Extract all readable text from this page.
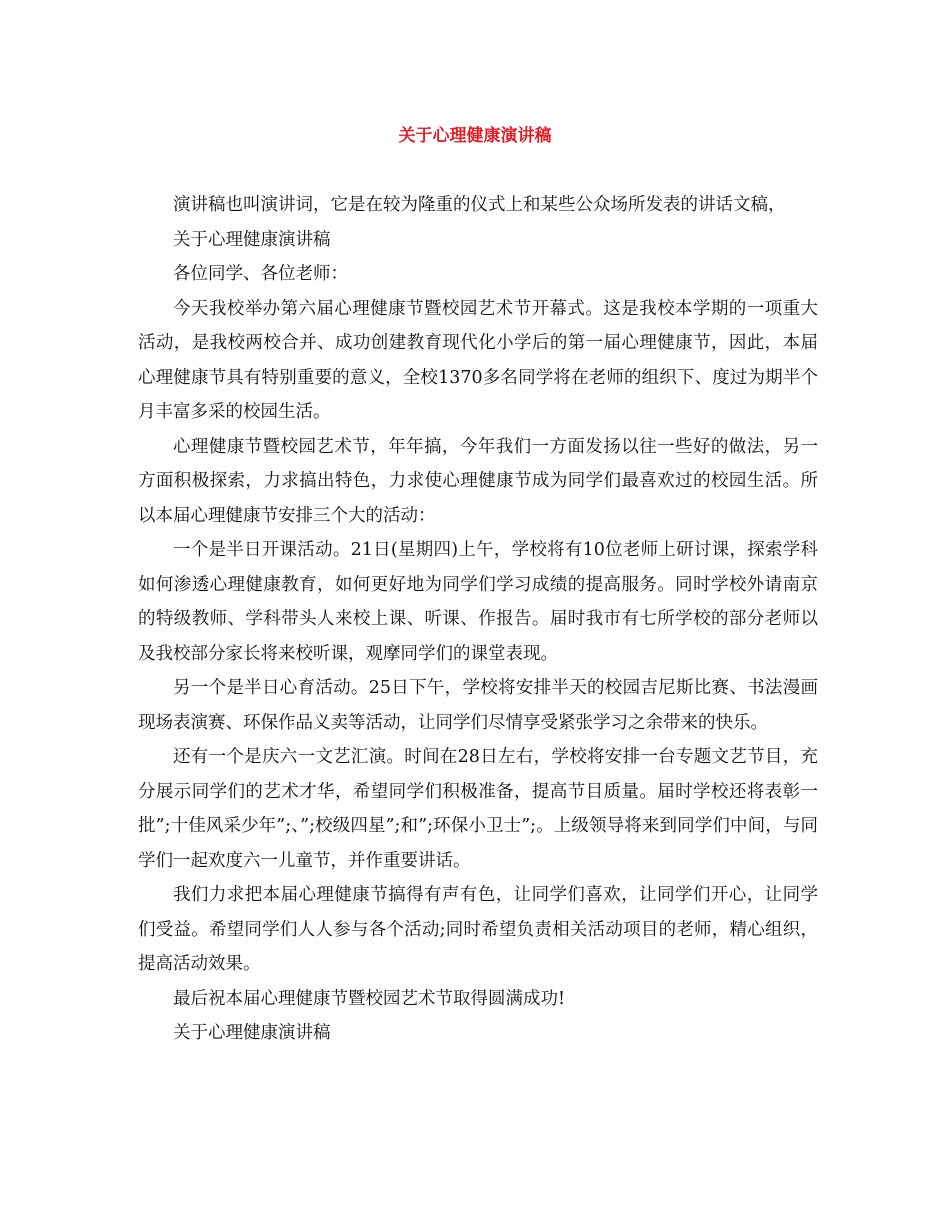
关于心理健康演讲稿

演讲稿也叫演讲词，它是在较为隆重的仪式上和某些公众场所发表的讲话文稿，

关于心理健康演讲稿

各位同学、各位老师：

今天我校举办第六届心理健康节暨校园艺术节开幕式。这是我校本学期的一项重大活动，是我校两校合并、成功创建教育现代化小学后的第一届心理健康节，因此，本届心理健康节具有特别重要的意义，全校1370多名同学将在老师的组织下、度过为期半个月丰富多采的校园生活。

心理健康节暨校园艺术节，年年搞，今年我们一方面发扬以往一些好的做法，另一方面积极探索，力求搞出特色，力求使心理健康节成为同学们最喜欢过的校园生活。所以本届心理健康节安排三个大的活动：

一个是半日开课活动。21日(星期四)上午，学校将有10位老师上研讨课，探索学科如何渗透心理健康教育，如何更好地为同学们学习成绩的提高服务。同时学校外请南京的特级教师、学科带头人来校上课、听课、作报告。届时我市有七所学校的部分老师以及我校部分家长将来校听课，观摩同学们的课堂表现。

另一个是半日心育活动。25日下午，学校将安排半天的校园吉尼斯比赛、书法漫画现场表演赛、环保作品义卖等活动，让同学们尽情享受紧张学习之余带来的快乐。

还有一个是庆六一文艺汇演。时间在28日左右，学校将安排一台专题文艺节目，充分展示同学们的艺术才华，希望同学们积极准备，提高节目质量。届时学校还将表彰一批”;十佳风采少年”;、”;校级四星”;和”;环保小卫士”;。上级领导将来到同学们中间，与同学们一起欢度六一儿童节，并作重要讲话。

我们力求把本届心理健康节搞得有声有色，让同学们喜欢，让同学们开心，让同学们受益。希望同学们人人参与各个活动;同时希望负责相关活动项目的老师，精心组织，提高活动效果。

最后祝本届心理健康节暨校园艺术节取得圆满成功!

关于心理健康演讲稿
